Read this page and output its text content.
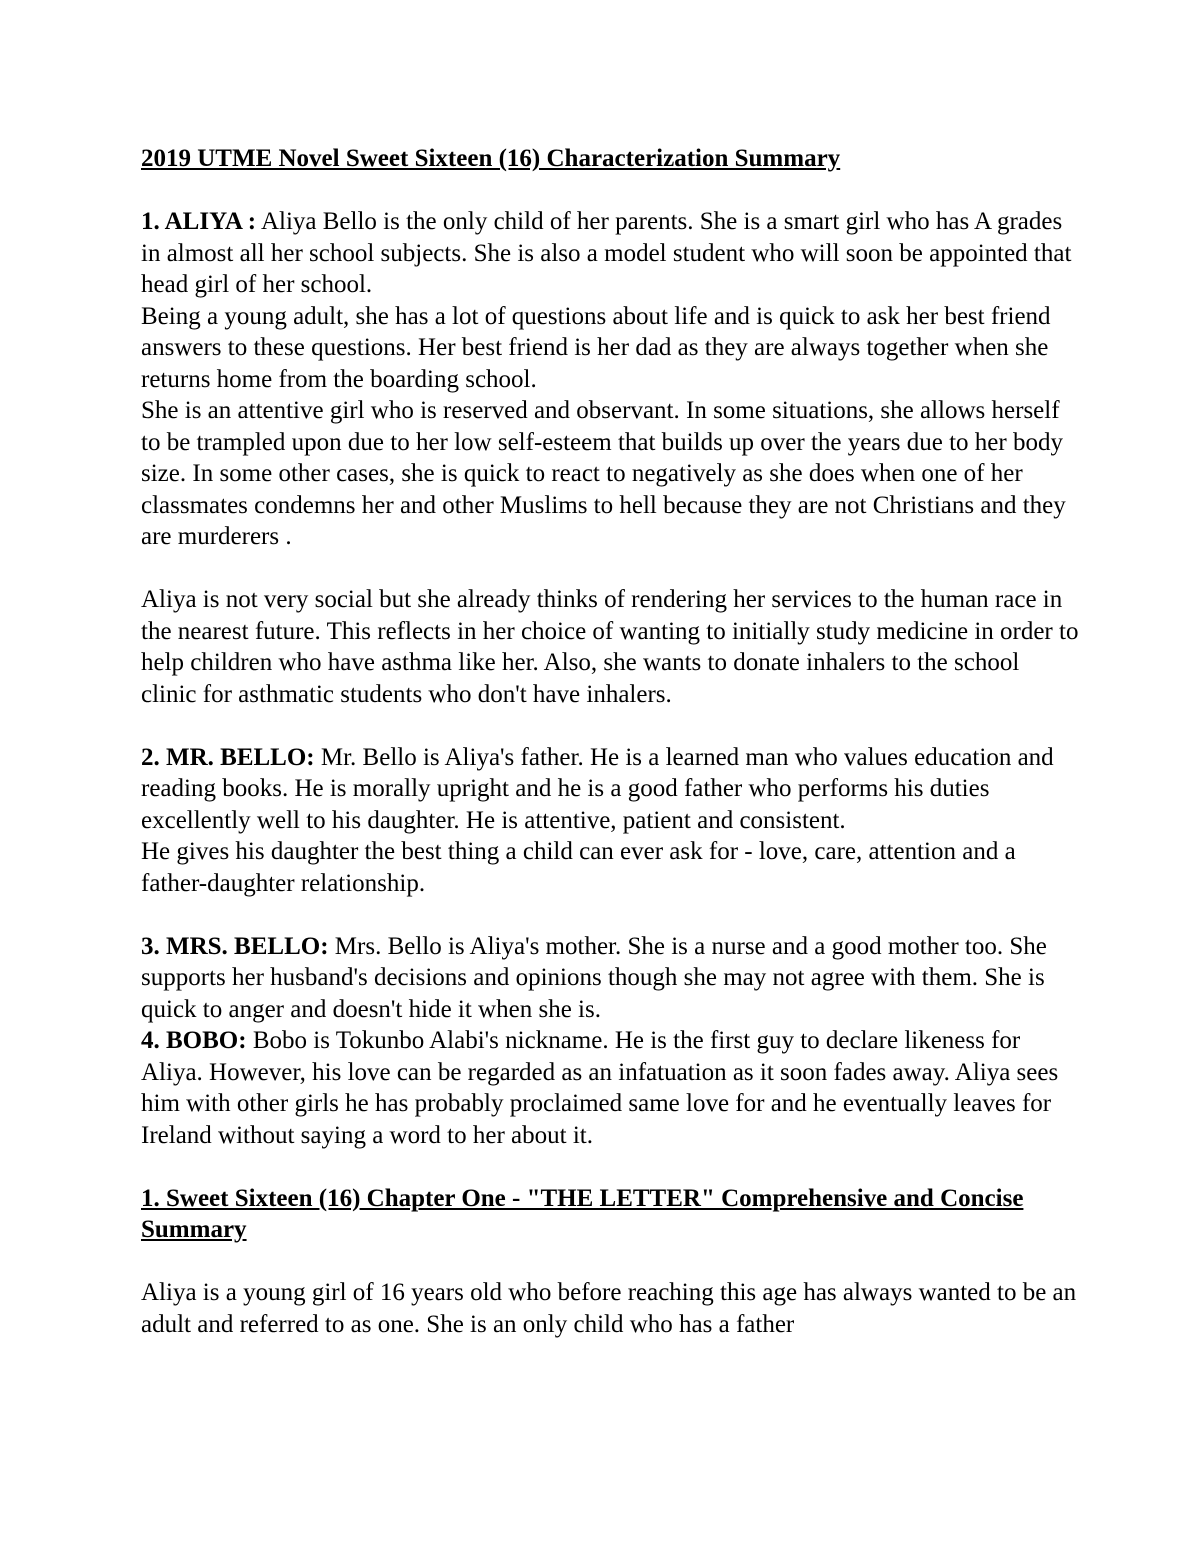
2019 UTME Novel Sweet Sixteen (16) Characterization Summary

1. ALIYA : Aliya Bello is the only child of her parents. She is a smart girl who has A grades in almost all her school subjects. She is also a model student who will soon be appointed that head girl of her school.

Being a young adult, she has a lot of questions about life and is quick to ask her best friend answers to these questions. Her best friend is her dad as they are always together when she returns home from the boarding school.

She is an attentive girl who is reserved and observant. In some situations, she allows herself to be trampled upon due to her low self-esteem that builds up over the years due to her body size. In some other cases, she is quick to react to negatively as she does when one of her classmates condemns her and other Muslims to hell because they are not Christians and they are murderers .

Aliya is not very social but she already thinks of rendering her services to the human race in the nearest future. This reflects in her choice of wanting to initially study medicine in order to help children who have asthma like her. Also, she wants to donate inhalers to the school clinic for asthmatic students who don't have inhalers.

2. MR. BELLO: Mr. Bello is Aliya's father. He is a learned man who values education and reading books. He is morally upright and he is a good father who performs his duties excellently well to his daughter. He is attentive, patient and consistent.

He gives his daughter the best thing a child can ever ask for - love, care, attention and a father-daughter relationship.

3. MRS. BELLO: Mrs. Bello is Aliya's mother. She is a nurse and a good mother too. She supports her husband's decisions and opinions though she may not agree with them. She is quick to anger and doesn't hide it when she is.

4. BOBO: Bobo is Tokunbo Alabi's nickname. He is the first guy to declare likeness for Aliya. However, his love can be regarded as an infatuation as it soon fades away. Aliya sees him with other girls he has probably proclaimed same love for and he eventually leaves for Ireland without saying a word to her about it.

1. Sweet Sixteen (16) Chapter One - "THE LETTER" Comprehensive and Concise Summary

Aliya is a young girl of 16 years old who before reaching this age has always wanted to be an adult and referred to as one. She is an only child who has a father
